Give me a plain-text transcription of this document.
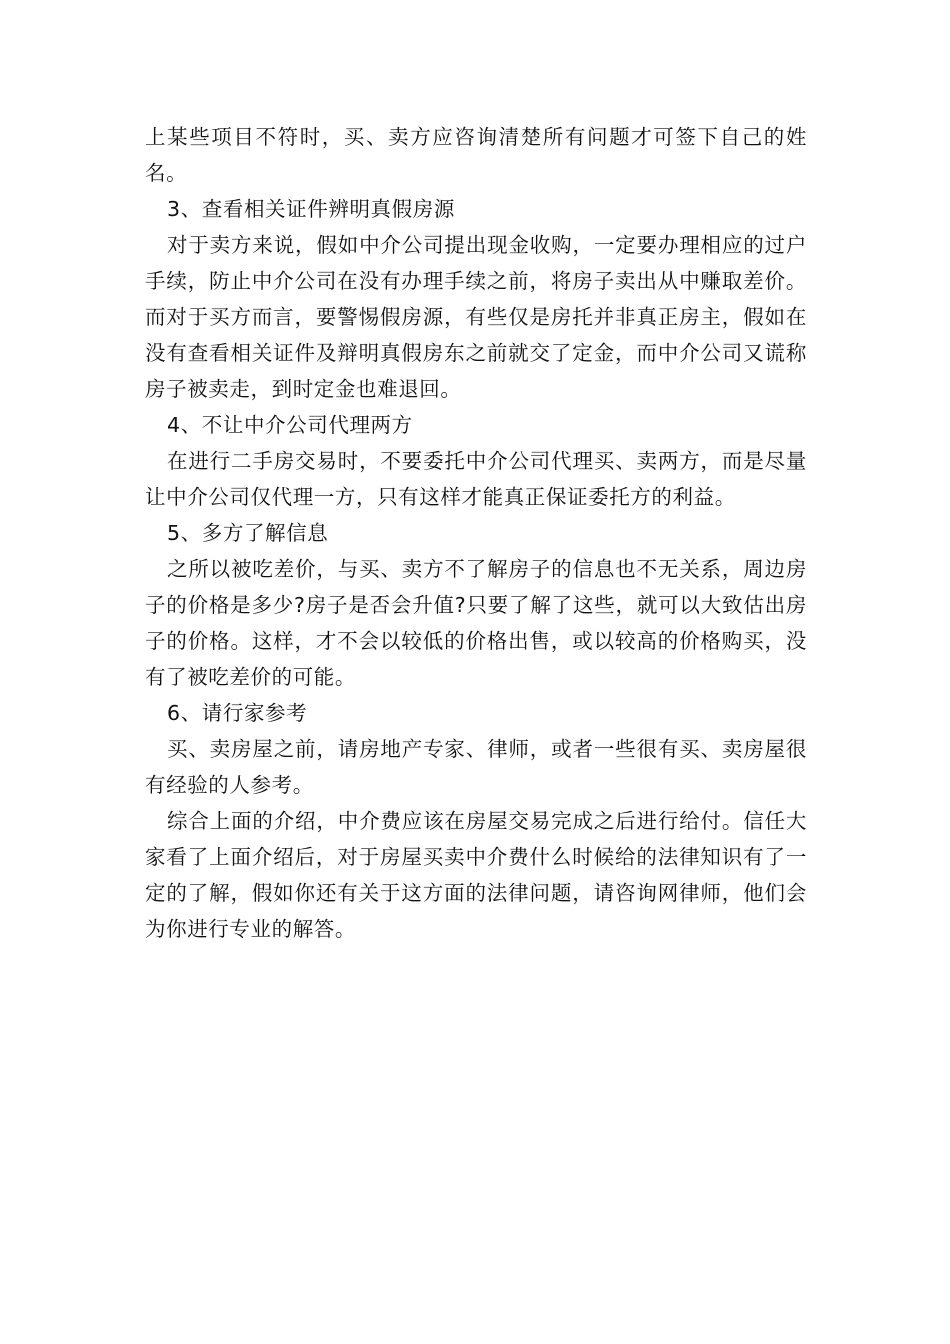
上某些项目不符时，买、卖方应咨询清楚所有问题才可签下自己的姓名。

3、查看相关证件辨明真假房源

对于卖方来说，假如中介公司提出现金收购，一定要办理相应的过户手续，防止中介公司在没有办理手续之前，将房子卖出从中赚取差价。而对于买方而言，要警惕假房源，有些仅是房托并非真正房主，假如在没有查看相关证件及辩明真假房东之前就交了定金，而中介公司又谎称房子被卖走，到时定金也难退回。

4、不让中介公司代理两方

在进行二手房交易时，不要委托中介公司代理买、卖两方，而是尽量让中介公司仅代理一方，只有这样才能真正保证委托方的利益。

5、多方了解信息

之所以被吃差价，与买、卖方不了解房子的信息也不无关系，周边房子的价格是多少?房子是否会升值?只要了解了这些，就可以大致估出房子的价格。这样，才不会以较低的价格出售，或以较高的价格购买，没有了被吃差价的可能。

6、请行家参考

买、卖房屋之前，请房地产专家、律师，或者一些很有买、卖房屋很有经验的人参考。

综合上面的介绍，中介费应该在房屋交易完成之后进行给付。信任大家看了上面介绍后，对于房屋买卖中介费什么时候给的法律知识有了一定的了解，假如你还有关于这方面的法律问题，请咨询网律师，他们会为你进行专业的解答。
